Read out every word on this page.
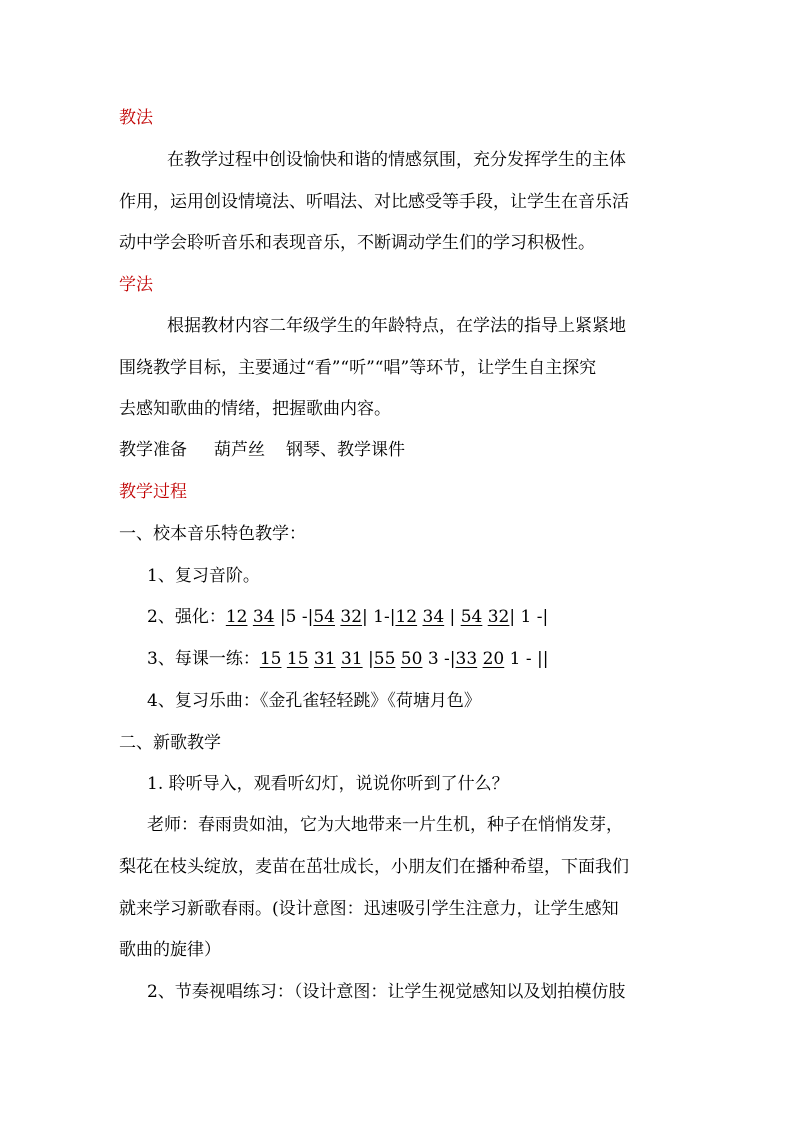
教法
在教学过程中创设愉快和谐的情感氛围，充分发挥学生的主体
作用，运用创设情境法、听唱法、对比感受等手段，让学生在音乐活
动中学会聆听音乐和表现音乐，不断调动学生们的学习积极性。
学法
根据教材内容二年级学生的年龄特点，在学法的指导上紧紧地
围绕教学目标，主要通过“看”“听”“唱”等环节，让学生自主探究
去感知歌曲的情绪，把握歌曲内容。
教学准备 葫芦丝 钢琴、教学课件
教学过程
一、校本音乐特色教学：
1、复习音阶。
2、强化：12 34 |5 -|54 32| 1-|12 34 | 54 32| 1 -|
3、每课一练：15 15 31 31 |55 50 3 -|33 20 1 - ||
4、复习乐曲：《金孔雀轻轻跳》《荷塘月色》
二、新歌教学
1. 聆听导入，观看听幻灯，说说你听到了什么？
老师：春雨贵如油，它为大地带来一片生机，种子在悄悄发芽，
梨花在枝头绽放，麦苗在茁壮成长，小朋友们在播种希望，下面我们
就来学习新歌春雨。(设计意图：迅速吸引学生注意力，让学生感知
歌曲的旋律）
2、节奏视唱练习：（设计意图：让学生视觉感知以及划拍模仿肢
